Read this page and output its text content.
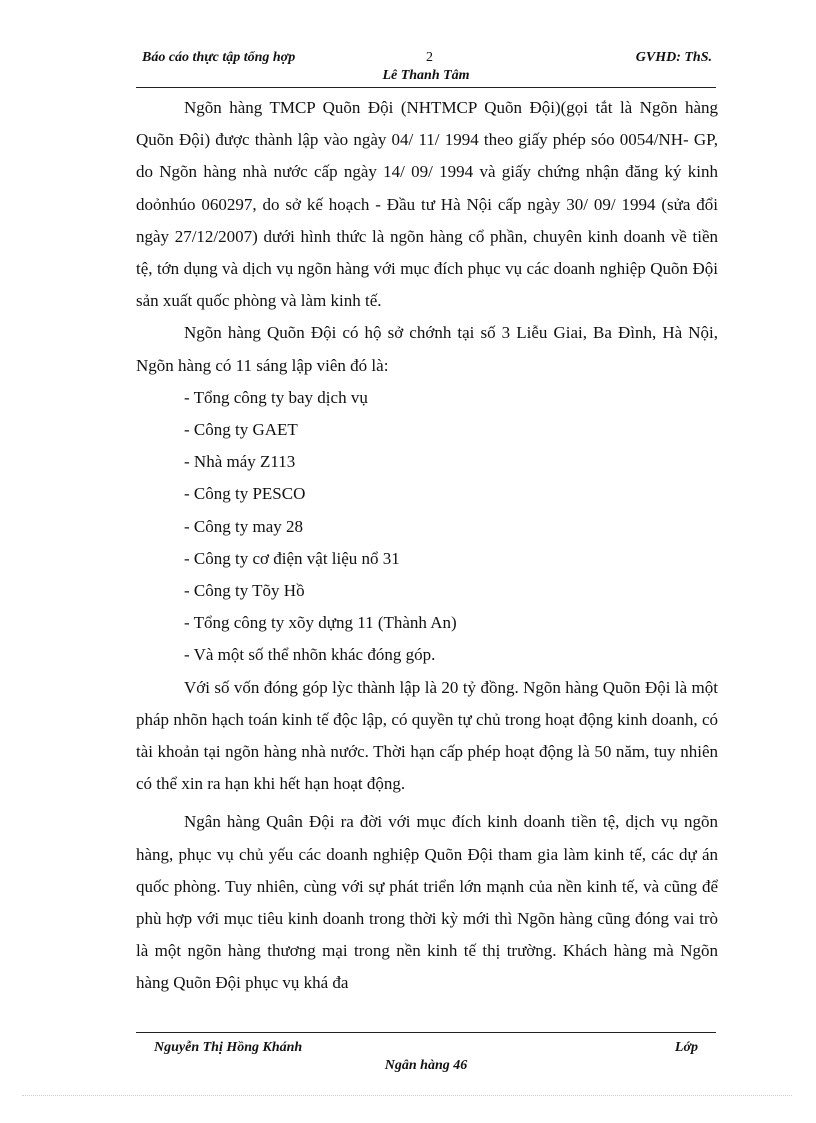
Báo cáo thực tập tổng hợp	2	GVHD: ThS.
Lê Thanh Tâm

Ngõn hàng TMCP Quõn Đội (NHTMCP Quõn Đội)(gọi tắt là Ngõn hàng Quõn Đội) được thành lập vào ngày 04/ 11/ 1994 theo giấy phép sóo 0054/NH- GP, do Ngõn hàng nhà nước cấp ngày 14/ 09/ 1994 và giấy chứng nhận đăng ký kinh doỏnhúo 060297, do sở kế hoạch - Đầu tư Hà Nội cấp ngày 30/ 09/ 1994 (sửa đổi ngày 27/12/2007) dưới hình thức là ngõn hàng cổ phần, chuyên kinh doanh về tiền tệ, tớn dụng và dịch vụ ngõn hàng với mục đích phục vụ các doanh nghiệp Quõn Đội sản xuất quốc phòng và làm kinh tế.

Ngõn hàng Quõn Đội có hộ sở chớnh tại số 3 Liễu Giai, Ba Đình, Hà Nội, Ngõn hàng có 11 sáng lập viên đó là:

- Tổng công ty bay dịch vụ

- Công ty GAET

- Nhà máy Z113

- Công ty PESCO

- Công ty may 28

- Công ty cơ điện vật liệu nổ 31

- Công ty Tõy Hồ

- Tổng công ty xõy dựng 11 (Thành An)

- Và một số thể nhõn khác đóng góp.

Với số vốn đóng góp lỳc thành lập là 20 tỷ đồng. Ngõn hàng Quõn Đội là một pháp nhõn hạch toán kinh tế độc lập, có quyền tự chủ trong hoạt động kinh doanh, có tài khoản tại ngõn hàng nhà nước. Thời hạn cấp phép hoạt động là 50 năm, tuy nhiên có thể xin ra hạn khi hết hạn hoạt động.

Ngân hàng Quân Đội ra đời với mục đích kinh doanh tiền tệ, dịch vụ ngõn hàng, phục vụ chủ yếu các doanh nghiệp Quõn Đội tham gia làm kinh tế, các dự án quốc phòng. Tuy nhiên, cùng với sự phát triển lớn mạnh của nền kinh tế, và cũng để phù hợp với mục tiêu kinh doanh trong thời kỳ mới thì Ngõn hàng cũng đóng vai trò là một ngõn hàng thương mại trong nền kinh tế thị trường. Khách hàng mà Ngõn hàng Quõn Đội phục vụ khá đa

Nguyễn Thị Hồng Khánh	Lớp
Ngân hàng 46
